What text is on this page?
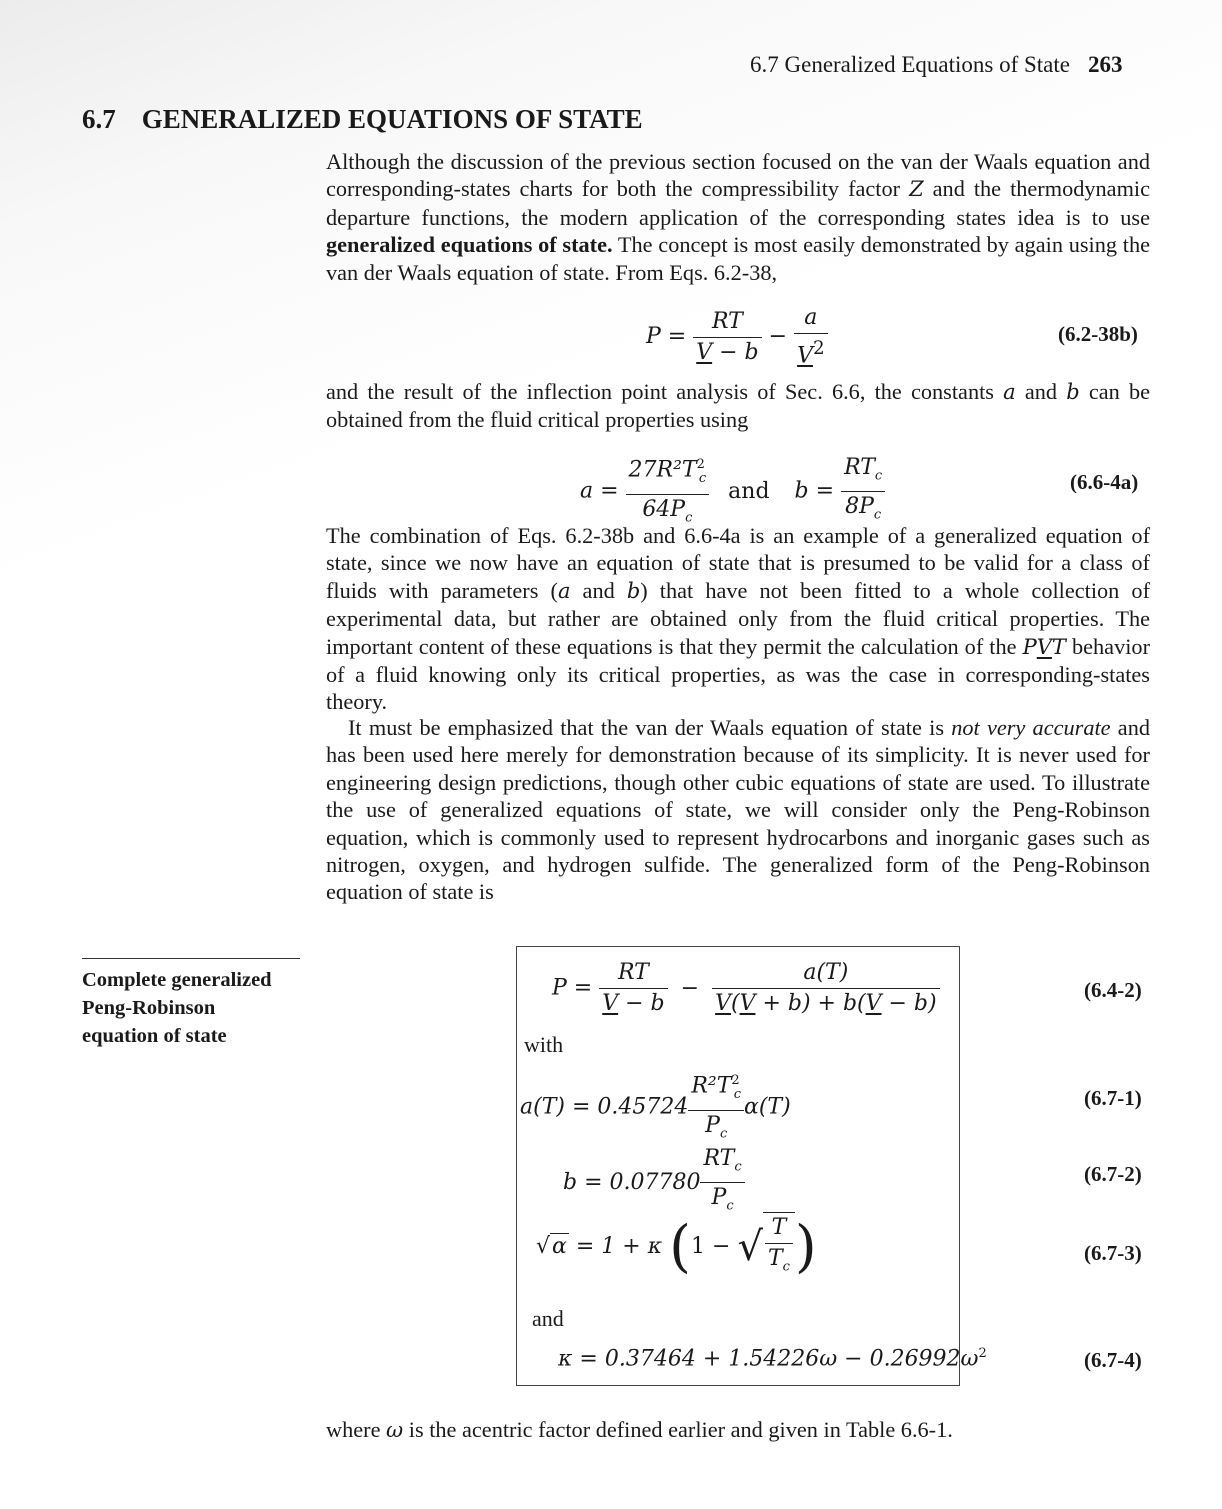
6.7 Generalized Equations of State 263
6.7 GENERALIZED EQUATIONS OF STATE
Although the discussion of the previous section focused on the van der Waals equation and corresponding-states charts for both the compressibility factor Z and the thermodynamic departure functions, the modern application of the corresponding states idea is to use generalized equations of state. The concept is most easily demonstrated by again using the van der Waals equation of state. From Eqs. 6.2-38,
$P = \frac{RT}{V - b} - \frac{a}{V^2}$	(6.2-38b)
and the result of the inflection point analysis of Sec. 6.6, the constants a and b can be obtained from the fluid critical properties using
$a = \frac{27R^2T^2_c}{64P_c}$ and $b = \frac{RT_c}{8P_c}$	(6.6-4a)
The combination of Eqs. 6.2-38b and 6.6-4a is an example of a generalized equation of state, since we now have an equation of state that is presumed to be valid for a class of fluids with parameters (a and b) that have not been fitted to a whole collection of experimental data, but rather are obtained only from the fluid critical properties. The important content of these equations is that they permit the calculation of the PVT behavior of a fluid knowing only its critical properties, as was the case in corresponding-states theory.
It must be emphasized that the van der Waals equation of state is not very accurate and has been used here merely for demonstration because of its simplicity. It is never used for engineering design predictions, though other cubic equations of state are used. To illustrate the use of generalized equations of state, we will consider only the Peng-Robinson equation, which is commonly used to represent hydrocarbons and inorganic gases such as nitrogen, oxygen, and hydrogen sulfide. The generalized form of the Peng-Robinson equation of state is
Complete generalized
Peng-Robinson
equation of state
$P = \frac{RT}{V - b} - \frac{a(T)}{V(V + b) + b(V - b)}$	(6.4-2)
with
$a(T) = 0.45724 \frac{R^2T^2_c}{P_c} \alpha(T)$	(6.7-1)
$b = 0.07780 \frac{RT_c}{P_c}$	(6.7-2)
√α = 1 + κ (1 − √ $\frac{T}{T_c}$ )	(6.7-3)
and
$\kappa = 0.37464 + 1.54226\omega - 0.26992\omega^2$	(6.7-4)
where ω is the acentric factor defined earlier and given in Table 6.6-1.
